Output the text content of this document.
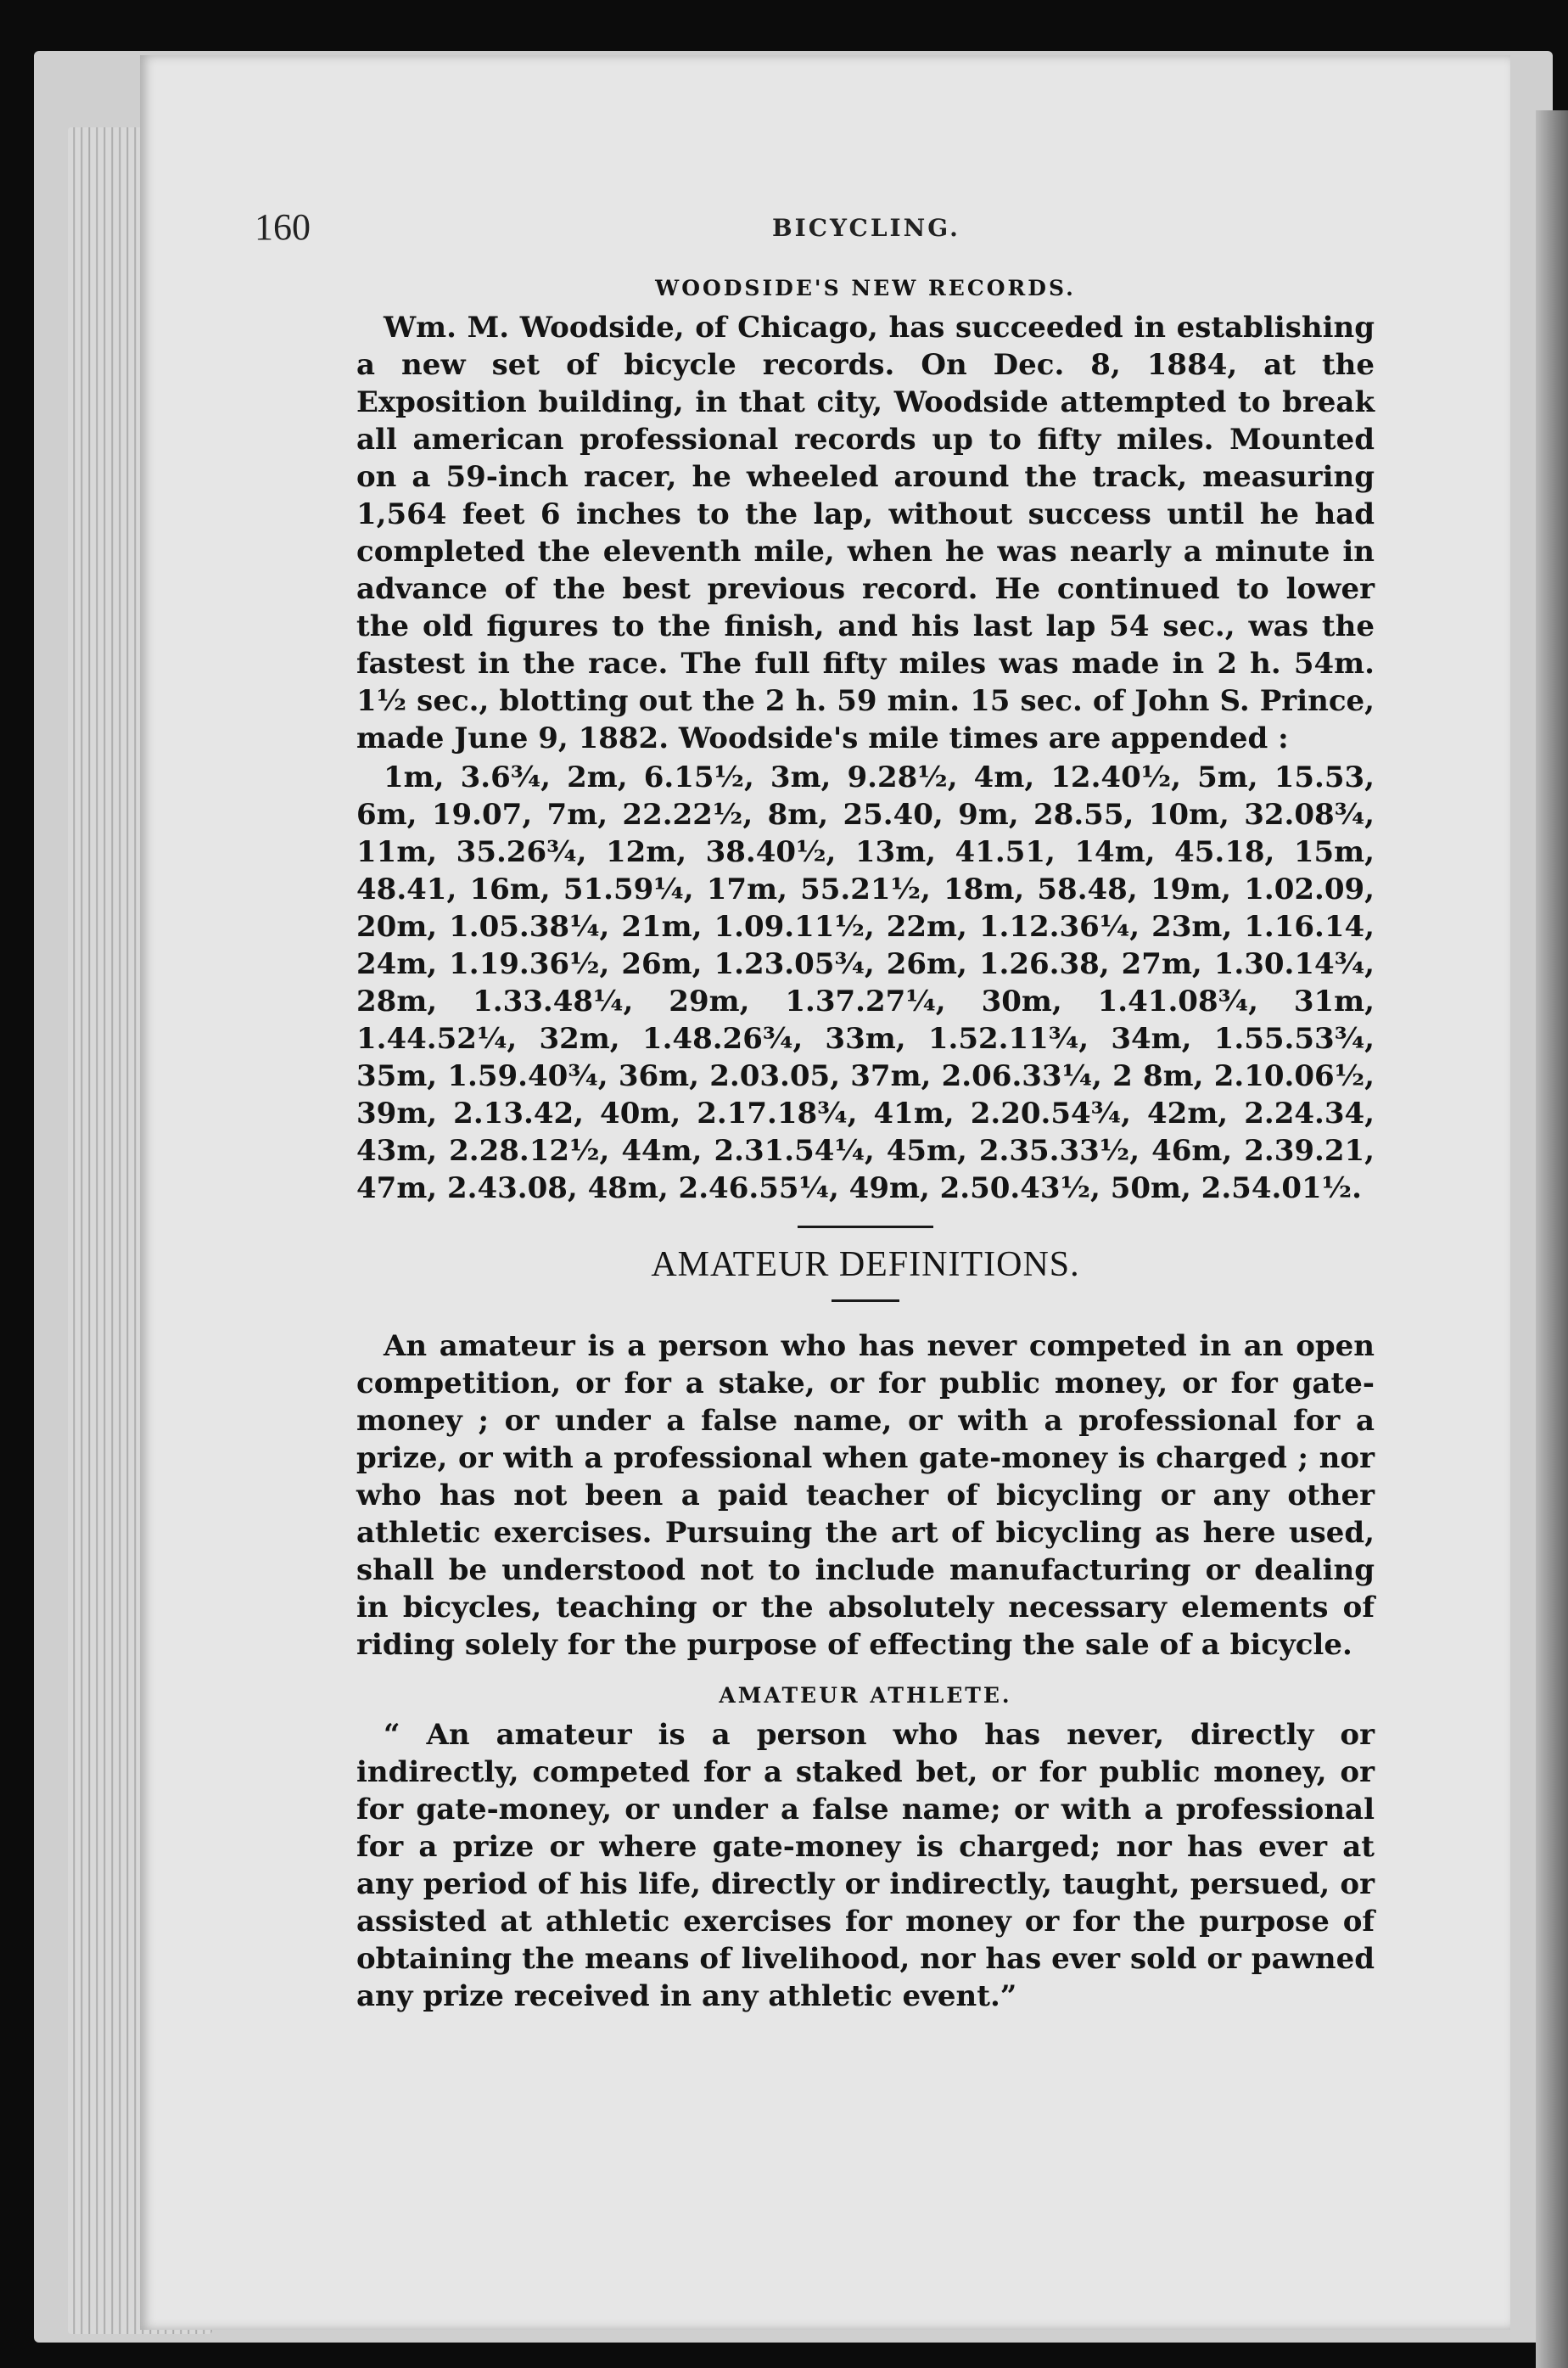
160	BICYCLING.
WOODSIDE'S NEW RECORDS.

Wm. M. Woodside, of Chicago, has succeeded in establishing a new set of bicycle records. On Dec. 8, 1884, at the Exposition building, in that city, Woodside attempted to break all american professional records up to fifty miles. Mounted on a 59-inch racer, he wheeled around the track, measuring 1,564 feet 6 inches to the lap, without success until he had completed the eleventh mile, when he was nearly a minute in advance of the best previous record. He continued to lower the old figures to the finish, and his last lap 54 sec., was the fastest in the race. The full fifty miles was made in 2 h. 54m. 1½ sec., blotting out the 2 h. 59 min. 15 sec. of John S. Prince, made June 9, 1882. Woodside's mile times are appended :

1m, 3.6¾, 2m, 6.15½, 3m, 9.28½, 4m, 12.40½, 5m, 15.53, 6m, 19.07, 7m, 22.22½, 8m, 25.40, 9m, 28.55, 10m, 32.08¾, 11m, 35.26¾, 12m, 38.40½, 13m, 41.51, 14m, 45.18, 15m, 48.41, 16m, 51.59¼, 17m, 55.21½, 18m, 58.48, 19m, 1.02.09, 20m, 1.05.38¼, 21m, 1.09.11½, 22m, 1.12.36¼, 23m, 1.16.14, 24m, 1.19.36½, 26m, 1.23.05¾, 26m, 1.26.38, 27m, 1.30.14¾, 28m, 1.33.48¼, 29m, 1.37.27¼, 30m, 1.41.08¾, 31m, 1.44.52¼, 32m, 1.48.26¾, 33m, 1.52.11¾, 34m, 1.55.53¾, 35m, 1.59.40¾, 36m, 2.03.05, 37m, 2.06.33¼, 2 8m, 2.10.06½, 39m, 2.13.42, 40m, 2.17.18¾, 41m, 2.20.54¾, 42m, 2.24.34, 43m, 2.28.12½, 44m, 2.31.54¼, 45m, 2.35.33½, 46m, 2.39.21, 47m, 2.43.08, 48m, 2.46.55¼, 49m, 2.50.43½, 50m, 2.54.01½.

AMATEUR DEFINITIONS.

An amateur is a person who has never competed in an open competition, or for a stake, or for public money, or for gate-money ; or under a false name, or with a professional for a prize, or with a professional when gate-money is charged ; nor who has not been a paid teacher of bicycling or any other athletic exercises. Pursuing the art of bicycling as here used, shall be understood not to include manufacturing or dealing in bicycles, teaching or the absolutely necessary elements of riding solely for the purpose of effecting the sale of a bicycle.

AMATEUR ATHLETE.

“ An amateur is a person who has never, directly or indirectly, competed for a staked bet, or for public money, or for gate-money, or under a false name; or with a professional for a prize or where gate-money is charged; nor has ever at any period of his life, directly or indirectly, taught, persued, or assisted at athletic exercises for money or for the purpose of obtaining the means of livelihood, nor has ever sold or pawned any prize received in any athletic event.”
